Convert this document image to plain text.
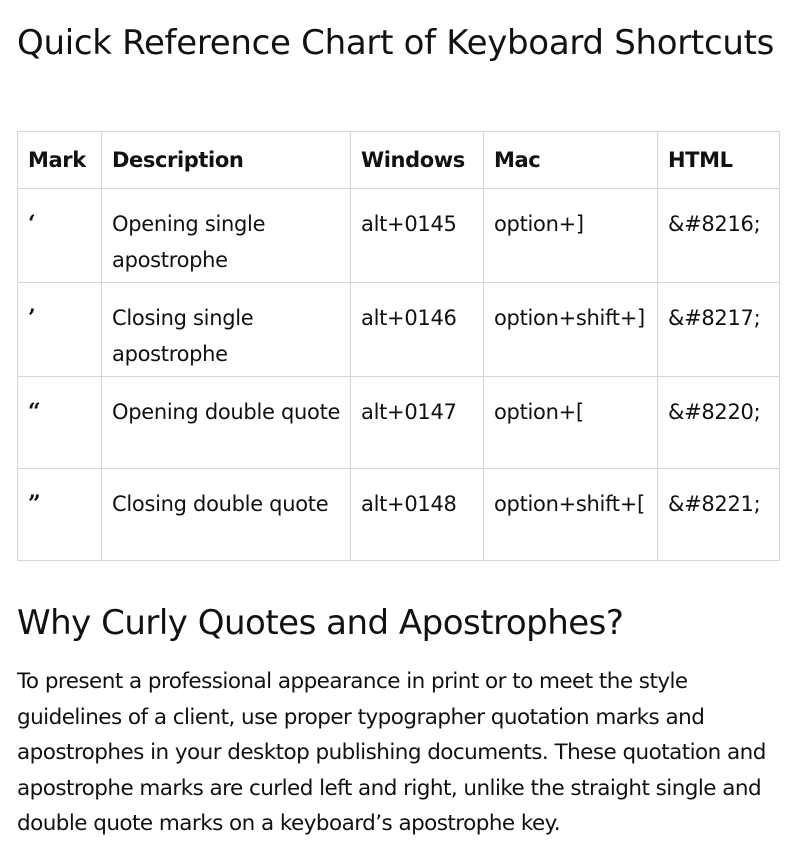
Quick Reference Chart of Keyboard Shortcuts
Mark	Description	Windows	Mac	HTML
‘	Opening single apostrophe	alt+0145	option+]	&#8216;
’	Closing single apostrophe	alt+0146	option+shift+]	&#8217;
“	Opening double quote	alt+0147	option+[	&#8220;
”	Closing double quote	alt+0148	option+shift+[	&#8221;
Why Curly Quotes and Apostrophes?

To present a professional appearance in print or to meet the style guidelines of a client, use proper typographer quotation marks and apostrophes in your desktop publishing documents. These quotation and apostrophe marks are curled left and right, unlike the straight single and double quote marks on a keyboard’s apostrophe key.
